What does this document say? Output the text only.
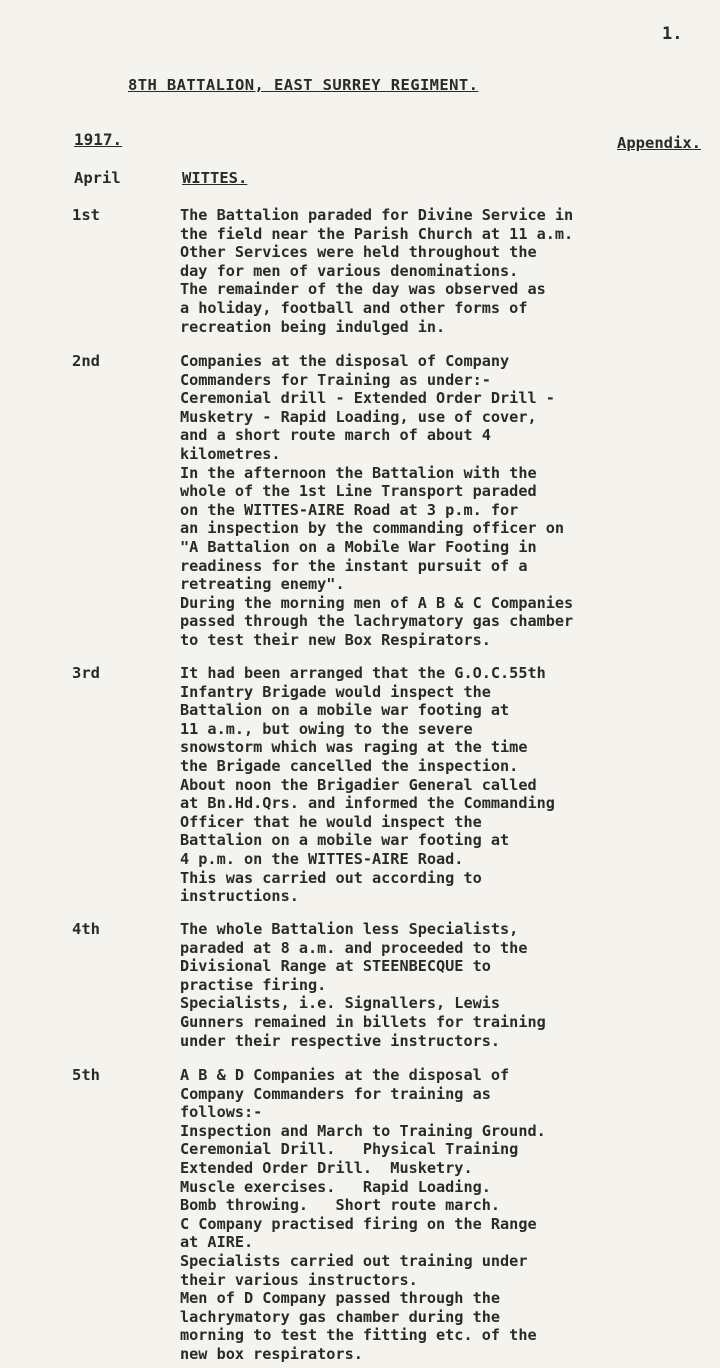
1.
8TH BATTALION, EAST SURREY REGIMENT.
1917.	Appendix.
April	WITTES.
1st	The Battalion paraded for Divine Service in
the field near the Parish Church at 11 a.m.
Other Services were held throughout the
day for men of various denominations.
The remainder of the day was observed as
a holiday, football and other forms of
recreation being indulged in.
2nd	Companies at the disposal of Company
Commanders for Training as under:-
Ceremonial drill - Extended Order Drill -
Musketry - Rapid Loading, use of cover,
and a short route march of about 4
kilometres.
In the afternoon the Battalion with the
whole of the 1st Line Transport paraded
on the WITTES-AIRE Road at 3 p.m. for
an inspection by the commanding officer on
"A Battalion on a Mobile War Footing in
readiness for the instant pursuit of a
retreating enemy".
During the morning men of A B & C Companies
passed through the lachrymatory gas chamber
to test their new Box Respirators.
3rd	It had been arranged that the G.O.C.55th
Infantry Brigade would inspect the
Battalion on a mobile war footing at
11 a.m., but owing to the severe
snowstorm which was raging at the time
the Brigade cancelled the inspection.
About noon the Brigadier General called
at Bn.Hd.Qrs. and informed the Commanding
Officer that he would inspect the
Battalion on a mobile war footing at
4 p.m. on the WITTES-AIRE Road.
This was carried out according to
instructions.
4th	The whole Battalion less Specialists,
paraded at 8 a.m. and proceeded to the
Divisional Range at STEENBECQUE to
practise firing.
Specialists, i.e. Signallers, Lewis
Gunners remained in billets for training
under their respective instructors.
5th	A B & D Companies at the disposal of
Company Commanders for training as
follows:-
Inspection and March to Training Ground.
Ceremonial Drill.   Physical Training
Extended Order Drill.  Musketry.
Muscle exercises.   Rapid Loading.
Bomb throwing.   Short route march.
C Company practised firing on the Range
at AIRE.
Specialists carried out training under
their various instructors.
Men of D Company passed through the
lachrymatory gas chamber during the
morning to test the fitting etc. of the
new box respirators.
